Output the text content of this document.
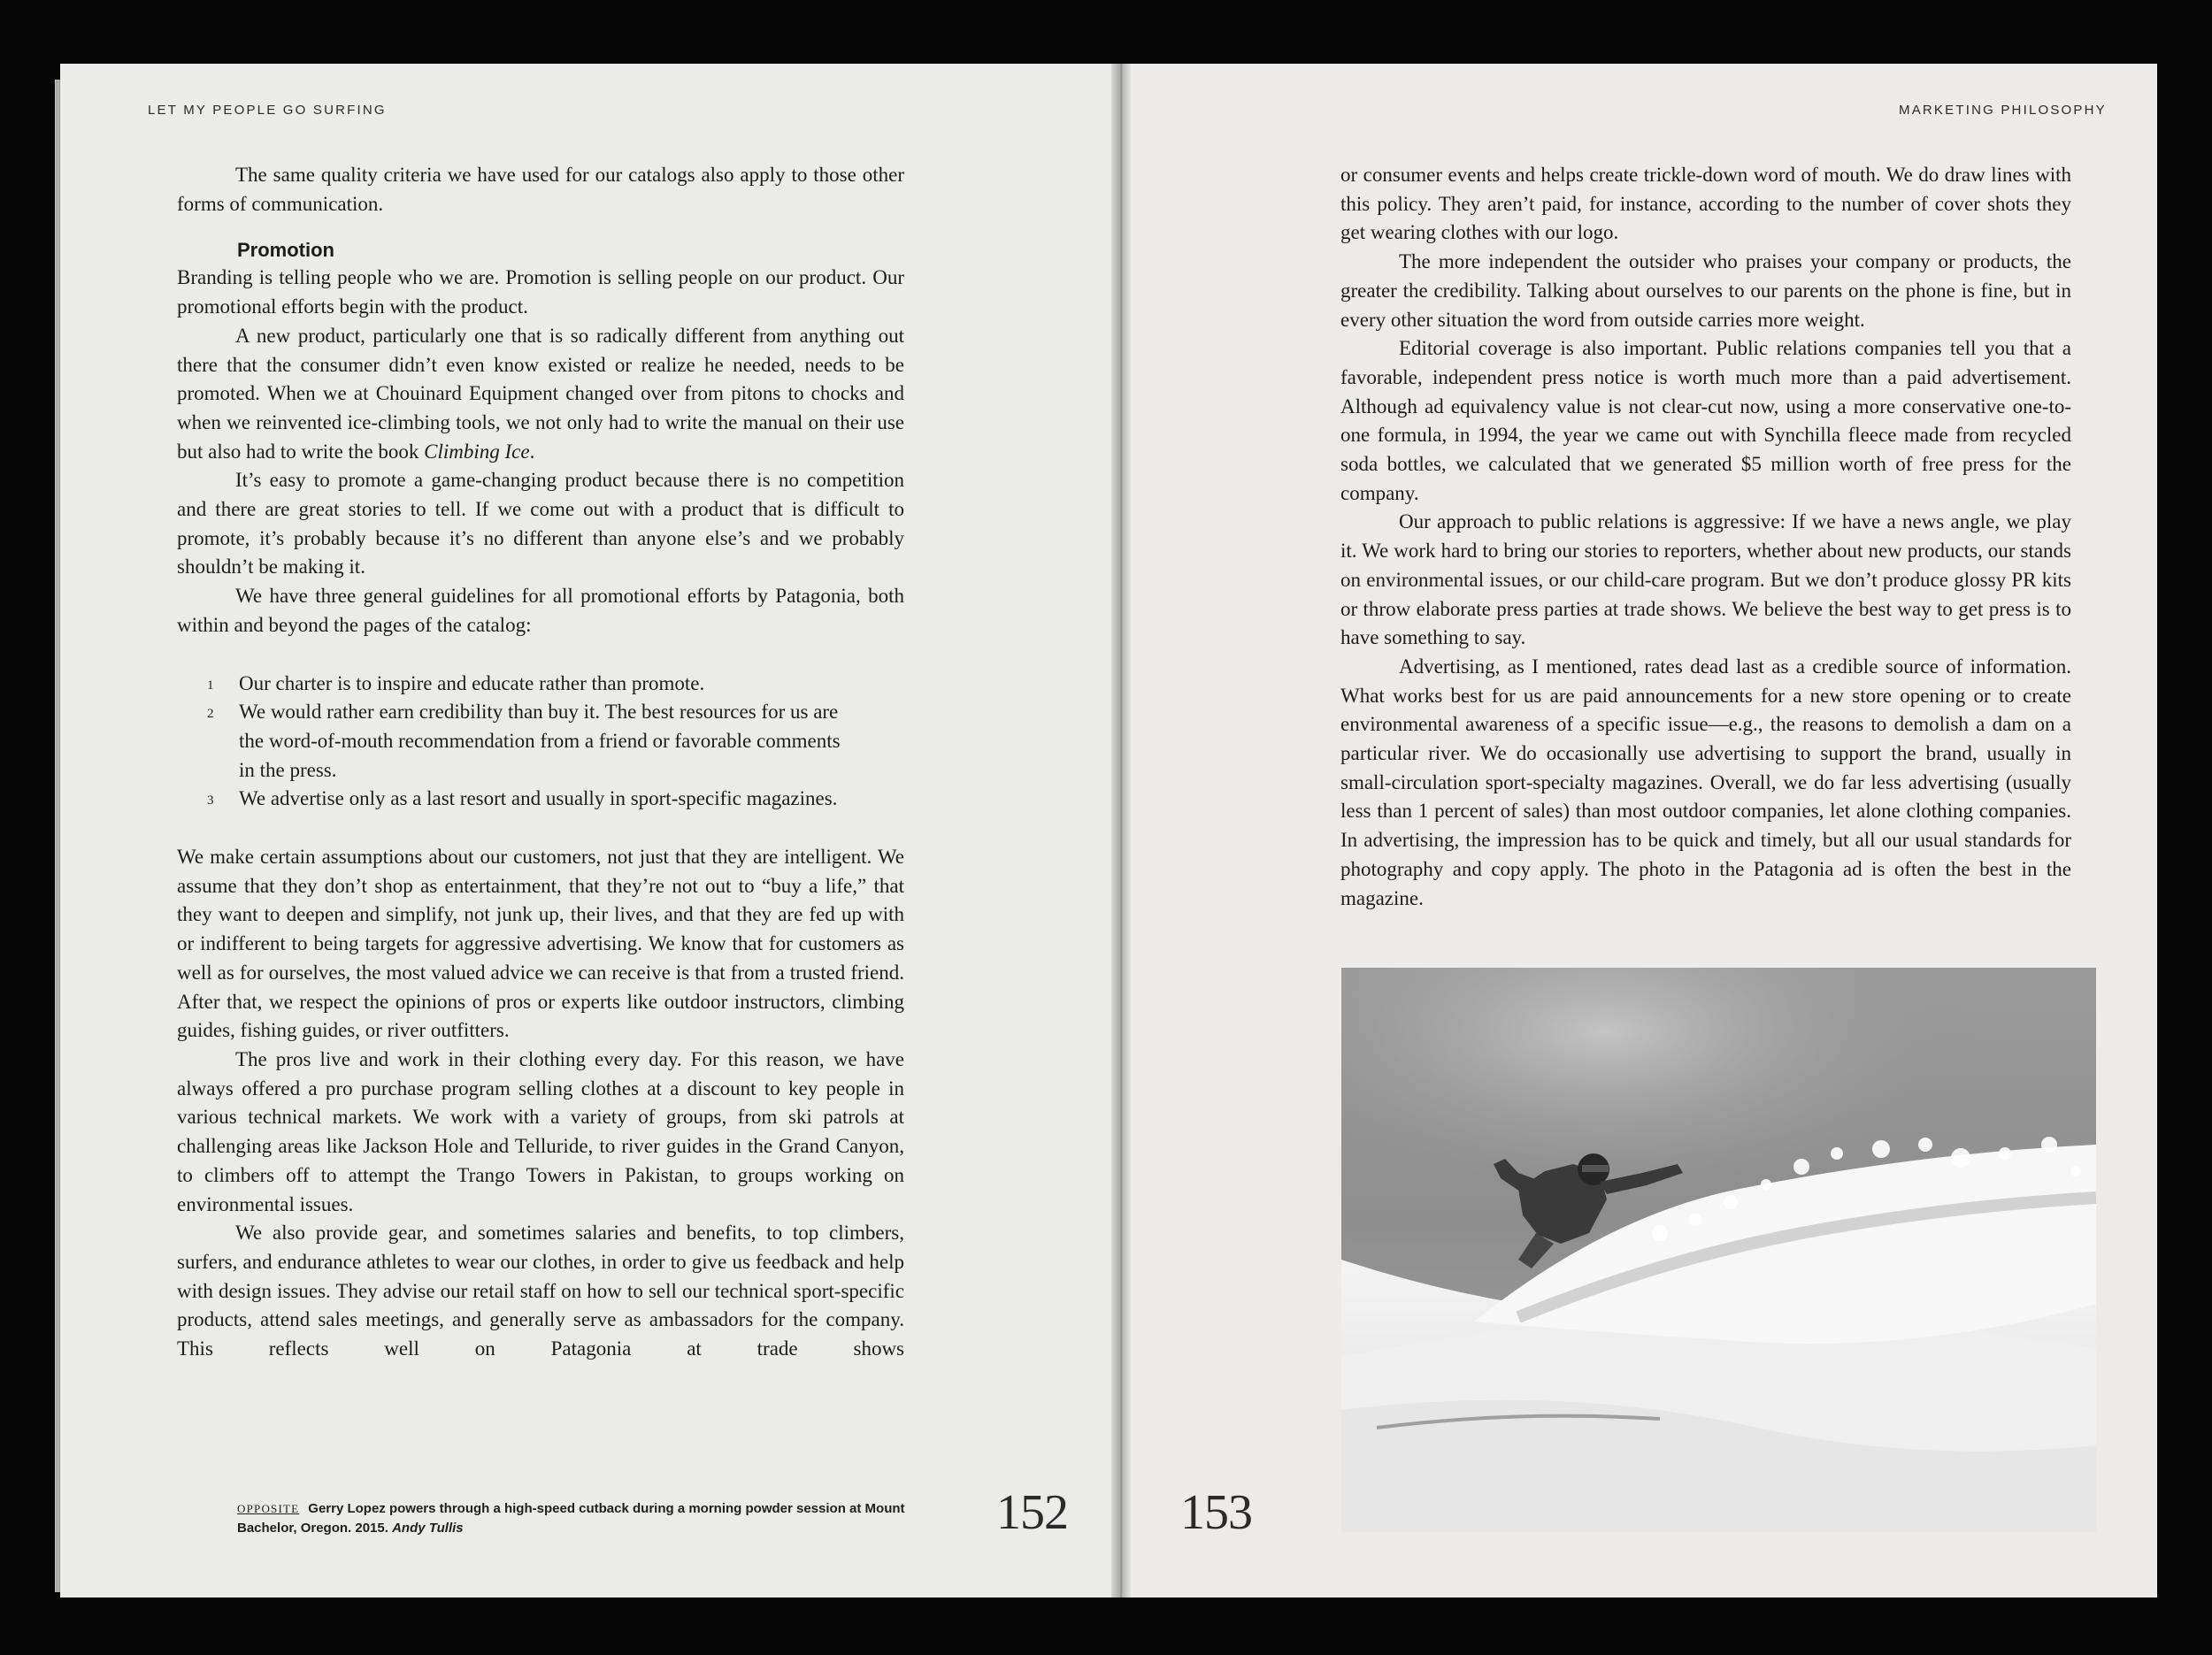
LET MY PEOPLE GO SURFING	MARKETING PHILOSOPHY

The same quality criteria we have used for our catalogs also apply to those other forms of communication.

Promotion

Branding is telling people who we are. Promotion is selling people on our product. Our promotional efforts begin with the product.

A new product, particularly one that is so radically different from anything out there that the consumer didn’t even know existed or realize he needed, needs to be promoted. When we at Chouinard Equipment changed over from pitons to chocks and when we reinvented ice-climbing tools, we not only had to write the manual on their use but also had to write the book Climbing Ice.

It’s easy to promote a game-changing product because there is no competition and there are great stories to tell. If we come out with a product that is difficult to promote, it’s probably because it’s no different than anyone else’s and we probably shouldn’t be making it.

We have three general guidelines for all promotional efforts by Patagonia, both within and beyond the pages of the catalog:

1 Our charter is to inspire and educate rather than promote.
2 We would rather earn credibility than buy it. The best resources for us are the word-of-mouth recommendation from a friend or favorable comments in the press.
3 We advertise only as a last resort and usually in sport-specific magazines.

We make certain assumptions about our customers, not just that they are intelligent. We assume that they don’t shop as entertainment, that they’re not out to “buy a life,” that they want to deepen and simplify, not junk up, their lives, and that they are fed up with or indifferent to being targets for aggressive advertising. We know that for customers as well as for ourselves, the most valued advice we can receive is that from a trusted friend. After that, we respect the opinions of pros or experts like outdoor instructors, climbing guides, fishing guides, or river outfitters.

The pros live and work in their clothing every day. For this reason, we have always offered a pro purchase program selling clothes at a discount to key people in various technical markets. We work with a variety of groups, from ski patrols at challenging areas like Jackson Hole and Telluride, to river guides in the Grand Canyon, to climbers off to attempt the Trango Towers in Pakistan, to groups working on environmental issues.

We also provide gear, and sometimes salaries and benefits, to top climbers, surfers, and endurance athletes to wear our clothes, in order to give us feedback and help with design issues. They advise our retail staff on how to sell our technical sport-specific products, attend sales meetings, and generally serve as ambassadors for the company. This reflects well on Patagonia at trade shows

OPPOSITE Gerry Lopez powers through a high-speed cutback during a morning powder session at Mount Bachelor, Oregon. 2015. Andy Tullis	152

or consumer events and helps create trickle-down word of mouth. We do draw lines with this policy. They aren’t paid, for instance, according to the number of cover shots they get wearing clothes with our logo.

The more independent the outsider who praises your company or products, the greater the credibility. Talking about ourselves to our parents on the phone is fine, but in every other situation the word from outside carries more weight.

Editorial coverage is also important. Public relations companies tell you that a favorable, independent press notice is worth much more than a paid advertisement. Although ad equivalency value is not clear-cut now, using a more conservative one-to-one formula, in 1994, the year we came out with Synchilla fleece made from recycled soda bottles, we calculated that we generated $5 million worth of free press for the company.

Our approach to public relations is aggressive: If we have a news angle, we play it. We work hard to bring our stories to reporters, whether about new products, our stands on environmental issues, or our child-care program. But we don’t produce glossy PR kits or throw elaborate press parties at trade shows. We believe the best way to get press is to have something to say.

Advertising, as I mentioned, rates dead last as a credible source of information. What works best for us are paid announcements for a new store opening or to create environmental awareness of a specific issue—e.g., the reasons to demolish a dam on a particular river. We do occasionally use advertising to support the brand, usually in small-circulation sport-specialty magazines. Overall, we do far less advertising (usually less than 1 percent of sales) than most outdoor companies, let alone clothing companies. In advertising, the impression has to be quick and timely, but all our usual standards for photography and copy apply. The photo in the Patagonia ad is often the best in the magazine.

153
